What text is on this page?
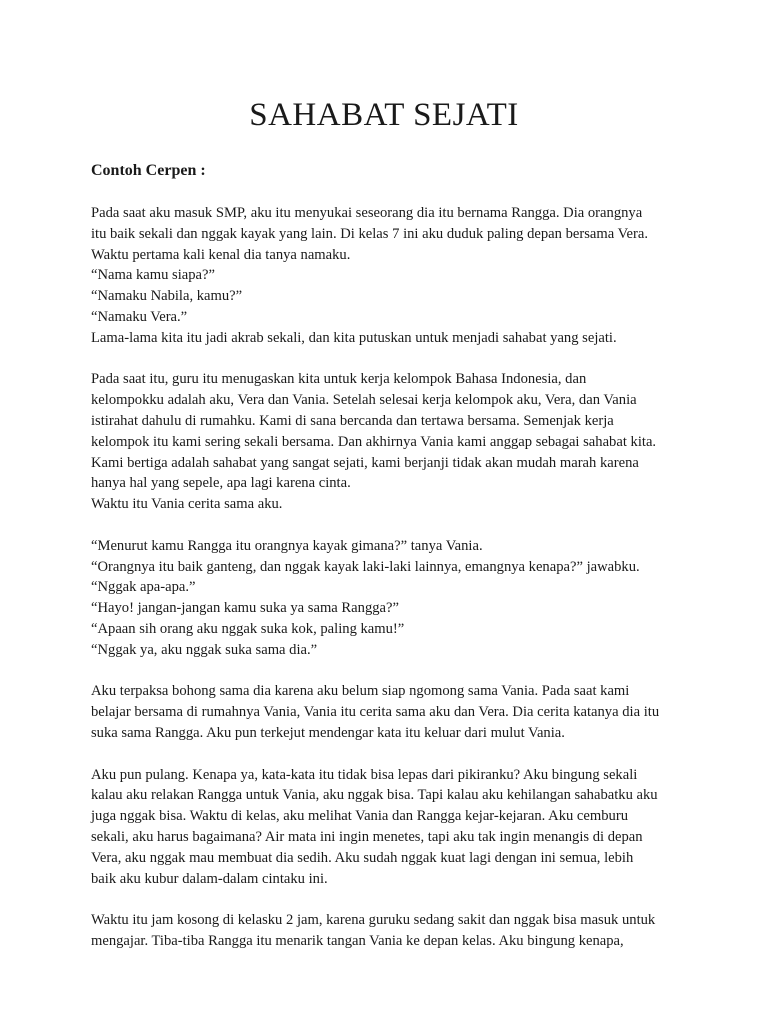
SAHABAT SEJATI
Contoh Cerpen :
Pada saat aku masuk SMP, aku itu menyukai seseorang dia itu bernama Rangga. Dia orangnya
itu baik sekali dan nggak kayak yang lain. Di kelas 7 ini aku duduk paling depan bersama Vera.
Waktu pertama kali kenal dia tanya namaku.
“Nama kamu siapa?”
“Namaku Nabila, kamu?”
“Namaku Vera.”
Lama-lama kita itu jadi akrab sekali, dan kita putuskan untuk menjadi sahabat yang sejati.
Pada saat itu, guru itu menugaskan kita untuk kerja kelompok Bahasa Indonesia, dan
kelompokku adalah aku, Vera dan Vania. Setelah selesai kerja kelompok aku, Vera, dan Vania
istirahat dahulu di rumahku. Kami di sana bercanda dan tertawa bersama. Semenjak kerja
kelompok itu kami sering sekali bersama. Dan akhirnya Vania kami anggap sebagai sahabat kita.
Kami bertiga adalah sahabat yang sangat sejati, kami berjanji tidak akan mudah marah karena
hanya hal yang sepele, apa lagi karena cinta.
Waktu itu Vania cerita sama aku.
“Menurut kamu Rangga itu orangnya kayak gimana?” tanya Vania.
“Orangnya itu baik ganteng, dan nggak kayak laki-laki lainnya, emangnya kenapa?” jawabku.
“Nggak apa-apa.”
“Hayo! jangan-jangan kamu suka ya sama Rangga?”
“Apaan sih orang aku nggak suka kok, paling kamu!”
“Nggak ya, aku nggak suka sama dia.”
Aku terpaksa bohong sama dia karena aku belum siap ngomong sama Vania. Pada saat kami
belajar bersama di rumahnya Vania, Vania itu cerita sama aku dan Vera. Dia cerita katanya dia itu
suka sama Rangga. Aku pun terkejut mendengar kata itu keluar dari mulut Vania.
Aku pun pulang. Kenapa ya, kata-kata itu tidak bisa lepas dari pikiranku? Aku bingung sekali
kalau aku relakan Rangga untuk Vania, aku nggak bisa. Tapi kalau aku kehilangan sahabatku aku
juga nggak bisa. Waktu di kelas, aku melihat Vania dan Rangga kejar-kejaran. Aku cemburu
sekali, aku harus bagaimana? Air mata ini ingin menetes, tapi aku tak ingin menangis di depan
Vera, aku nggak mau membuat dia sedih. Aku sudah nggak kuat lagi dengan ini semua, lebih
baik aku kubur dalam-dalam cintaku ini.
Waktu itu jam kosong di kelasku 2 jam, karena guruku sedang sakit dan nggak bisa masuk untuk
mengajar. Tiba-tiba Rangga itu menarik tangan Vania ke depan kelas. Aku bingung kenapa,
